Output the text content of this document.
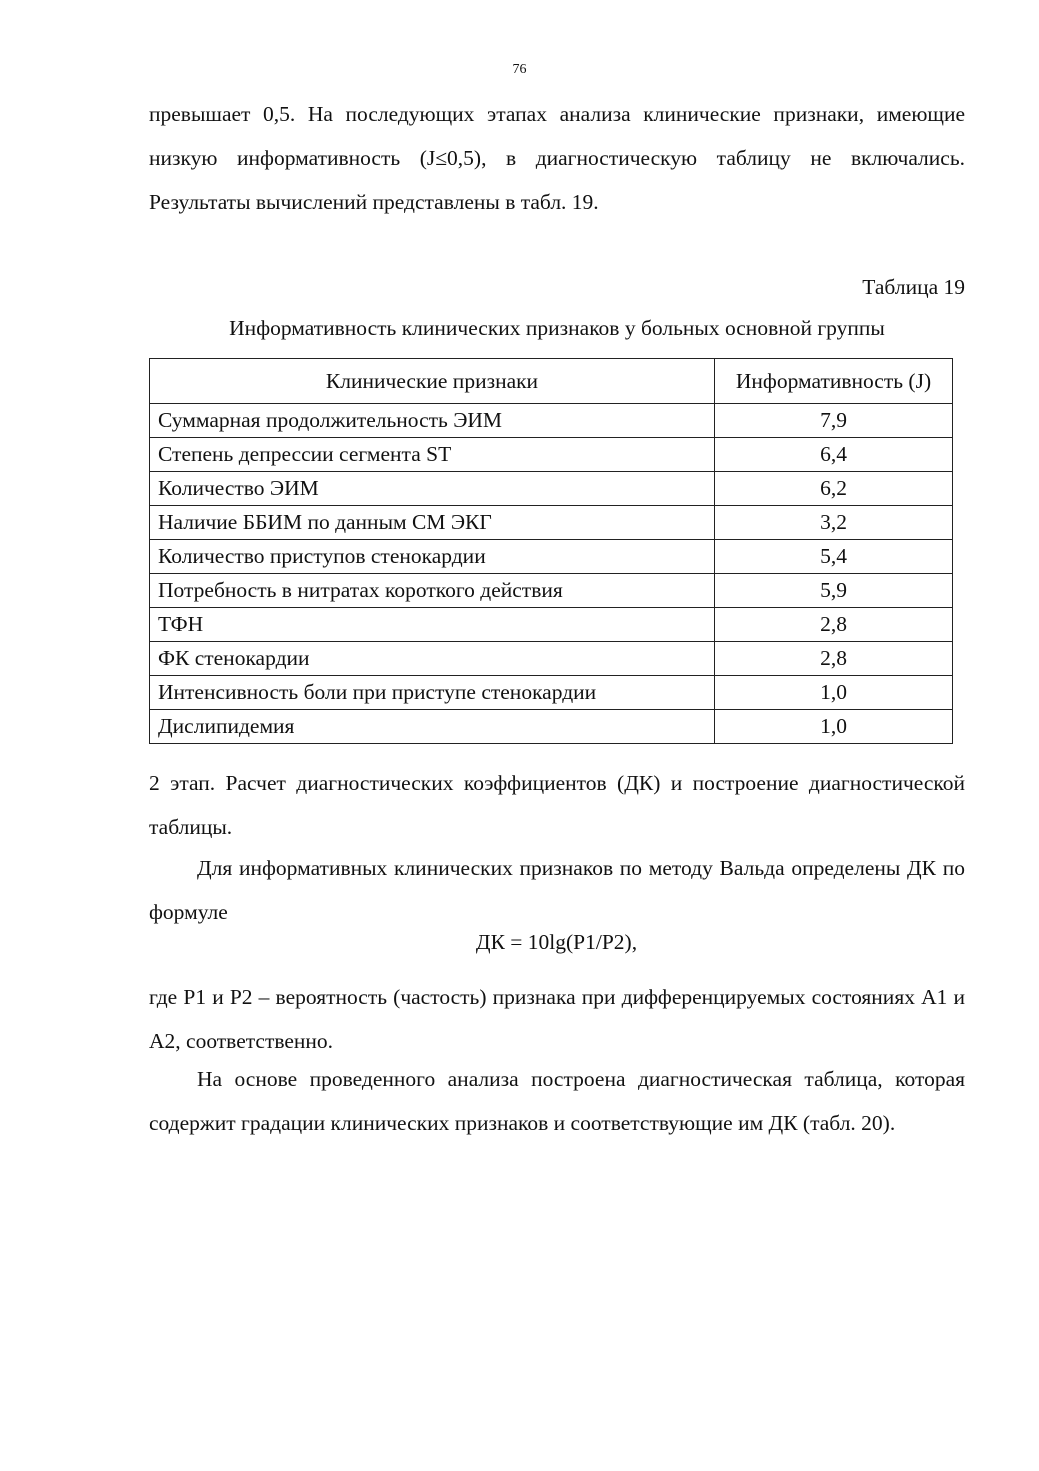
76

превышает 0,5. На последующих этапах анализа клинические признаки, имеющие низкую информативность (J≤0,5), в диагностическую таблицу не включались. Результаты вычислений представлены в табл. 19.

Таблица 19
Информативность клинических признаков у больных основной группы
Клинические признаки	Информативность (J)
Суммарная продолжительность ЭИМ	7,9
Степень депрессии сегмента ST	6,4
Количество ЭИМ	6,2
Наличие ББИМ по данным СМ ЭКГ	3,2
Количество приступов стенокардии	5,4
Потребность в нитратах короткого действия	5,9
ТФН	2,8
ФК стенокардии	2,8
Интенсивность боли при приступе стенокардии	1,0
Дислипидемия	1,0

2 этап. Расчет диагностических коэффициентов (ДК) и построение диагностической таблицы.

Для информативных клинических признаков по методу Вальда определены ДК по формуле

ДК = 10lg(P1/P2),

где P1 и P2 – вероятность (частость) признака при дифференцируемых состояниях A1 и A2, соответственно.

На основе проведенного анализа построена диагностическая таблица, которая содержит градации клинических признаков и соответствующие им ДК (табл. 20).
